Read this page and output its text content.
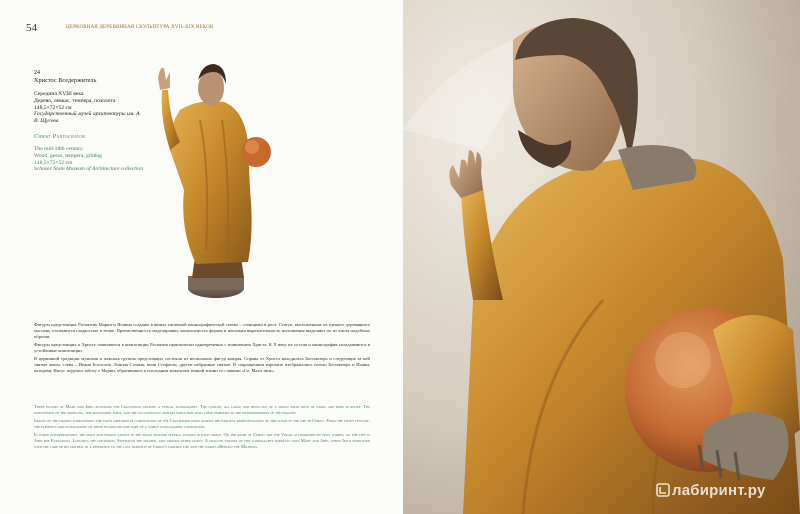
54	ЦЕРКОВНАЯ ДЕРЕВЯННАЯ СКУЛЬПТУРА XVII–XIX ВЕКОВ
24
Христос Вседержитель
Середина XVIII века
Дерево, левкас, темпера, позолота
148,5×72×52 см
Государственный музей архитектуры им. А. В. Щусева
Christ Pantocrator
The mid-18th century
Wood, gesso, tempera, gilding
148,5×72×52 cm
Schusev State Museum of Architecture collection

Фигуры предстоящих Распятию Марии и Иоанна созданы в явных типичной иконографической схемы – стоящими в рост. Статуи, выполненные из единого деревянного массива, отличаются гладкостью в лепке. Преемственность моделировки, монолитность формы и неполная выразительность исполнения выделяют их из числа подобных образов.

Фигуры предстоящих к Христу появляются в композиции Распятия практически одновременно с появлением Христа. К X веку их состав и иконография складываются в устойчивые композиции.

В церковной традиции мужская и женская группы предстоящих состояли из нескольких фигур каждая. Справа от Христа находилась Богоматерь и следующие за ней святые жены, слева – Иоанн Богослов, Лонгин Сотник, воин Стефатон, другие избранные святые. В сокращенном варианте изображались только Богоматерь и Иоанн, которому Иисус поручил заботу о Марии, обратившись к последним моментам земной жизни со словами «Се, Мати твоя».

These figures of Mary and John attending the Crucifixion feature a typical iconography. The statues, all large and hewn out of a single solid piece of wood, are done in relief. The pointedness of the modeling, the monolithic form, and the occasionally artless execution lend these emphasis to the determinedness of the imagery.

Images of the figures surrounding the cross appeared in compositions of the Crucifixion from almost the earliest representations of this scene in the life of Christ. From the tenth century, the elements and iconography of these figures became part of a stable iconographic composition.

In wider interpretations, the male and female groups in the image feature several figures in each group. On the right of Christ are the Virgin accompanied by holy women, on the left is John the Evangelist, Longinus the centurion, Stephaton the soldier, and various other saints. A smaller version of this iconography portrays only Mary and John, whom Jesus entrusted with the care of his mother, in a reference to the last moments of Christ's earthly life and the words «Behold thy Mother».

лабиринт.ру
